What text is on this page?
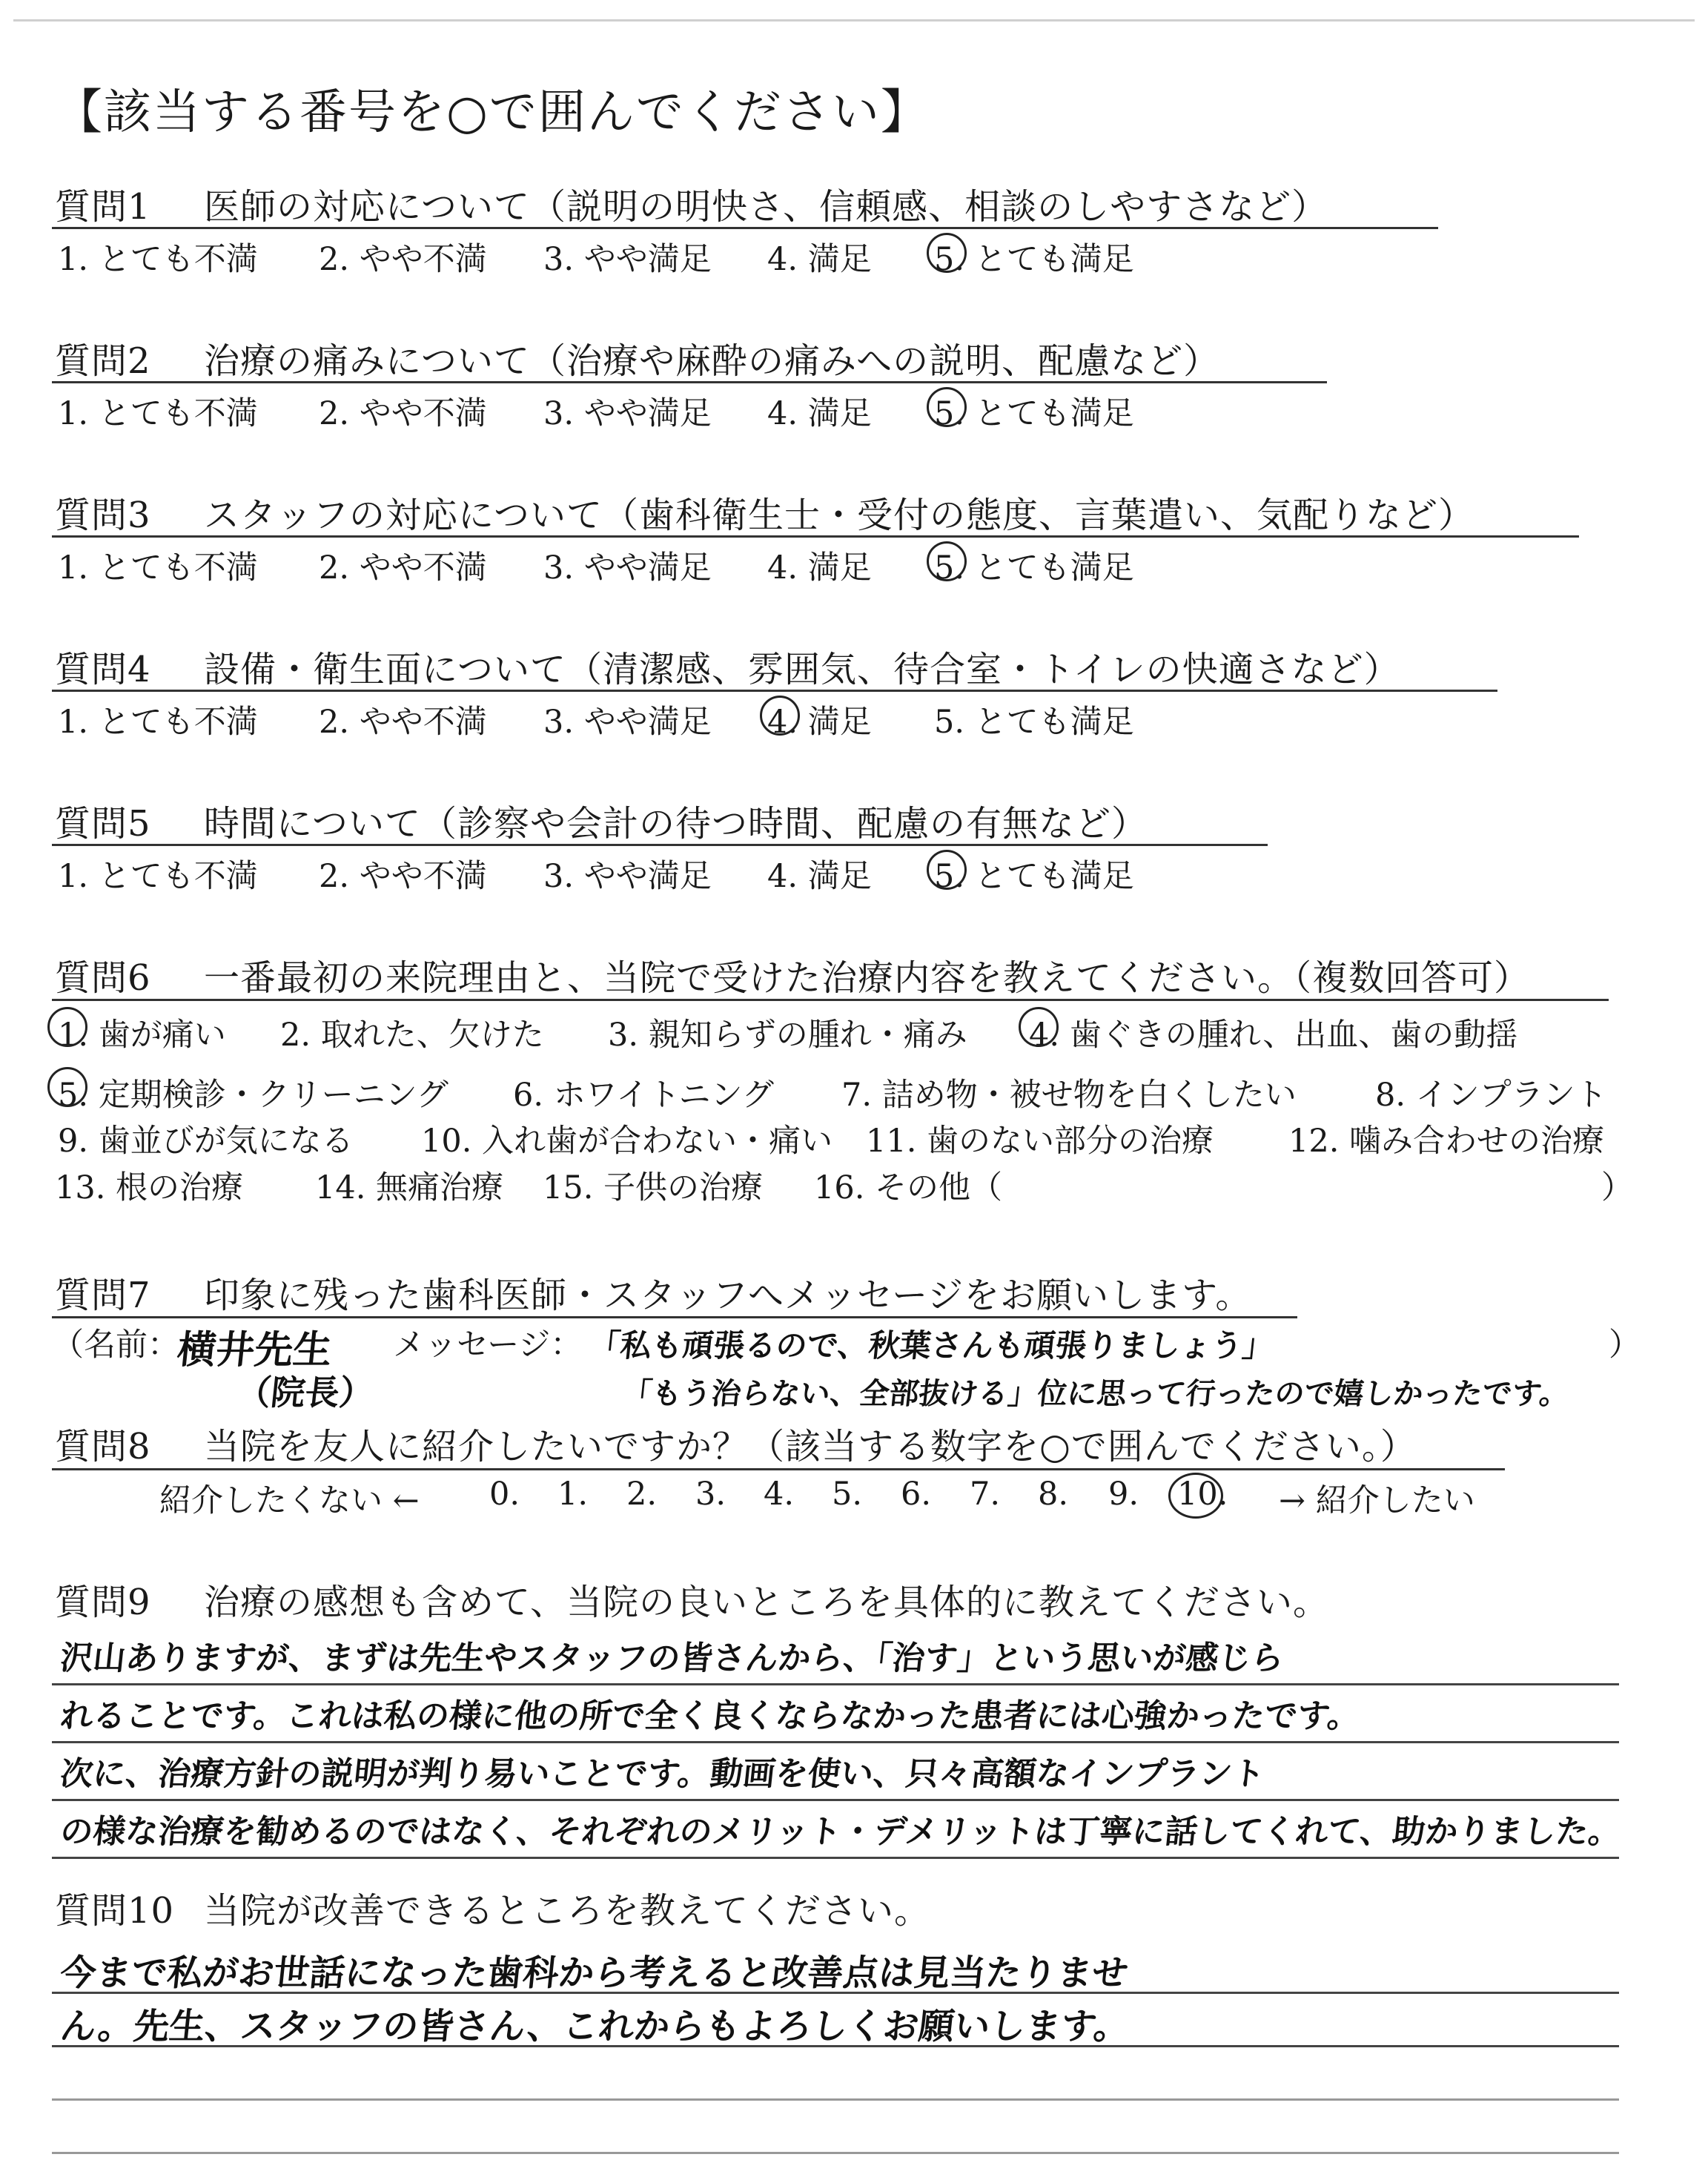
【該当する番号を○で囲んでください】
質問1 医師の対応について（説明の明快さ、信頼感、相談のしやすさなど）
1. とても不満 2. やや不満 3. やや満足 4. 満足 5. とても満足
質問2 治療の痛みについて（治療や麻酔の痛みへの説明、配慮など）
1. とても不満 2. やや不満 3. やや満足 4. 満足 5. とても満足
質問3 スタッフの対応について（歯科衛生士・受付の態度、言葉遣い、気配りなど）
1. とても不満 2. やや不満 3. やや満足 4. 満足 5. とても満足
質問4 設備・衛生面について（清潔感、雰囲気、待合室・トイレの快適さなど）
1. とても不満 2. やや不満 3. やや満足 4. 満足 5. とても満足
質問5 時間について（診察や会計の待つ時間、配慮の有無など）
1. とても不満 2. やや不満 3. やや満足 4. 満足 5. とても満足
質問6 一番最初の来院理由と、当院で受けた治療内容を教えてください。（複数回答可）
1. 歯が痛い 2. 取れた、欠けた 3. 親知らずの腫れ・痛み 4. 歯ぐきの腫れ、出血、歯の動揺
5. 定期検診・クリーニング 6. ホワイトニング 7. 詰め物・被せ物を白くしたい 8. インプラント
9. 歯並びが気になる 10. 入れ歯が合わない・痛い 11. 歯のない部分の治療 12. 噛み合わせの治療
13. 根の治療 14. 無痛治療 15. 子供の治療 16. その他（	）
質問7 印象に残った歯科医師・スタッフへメッセージをお願いします。
（名前：
横井先生
（院長）
メッセージ： 「私も頑張るので、秋葉さんも頑張りましょう」
「もう治らない、全部抜ける」位に思って行ったので嬉しかったです。
）
質問8 当院を友人に紹介したいですか？（該当する数字を○で囲んでください。）
紹介したくない ← 0. 1. 2. 3. 4. 5. 6. 7. 8. 9. 10. → 紹介したい
質問9 治療の感想も含めて、当院の良いところを具体的に教えてください。
沢山ありますが、まずは先生やスタッフの皆さんから、「治す」という思いが感じら
れることです。これは私の様に他の所で全く良くならなかった患者には心強かったです。
次に、治療方針の説明が判り易いことです。動画を使い、只々高額なインプラント
の様な治療を勧めるのではなく、それぞれのメリット・デメリットは丁寧に話してくれて、助かりました。
質問10 当院が改善できるところを教えてください。
今まで私がお世話になった歯科から考えると改善点は見当たりませ
ん。先生、スタッフの皆さん、これからもよろしくお願いします。
